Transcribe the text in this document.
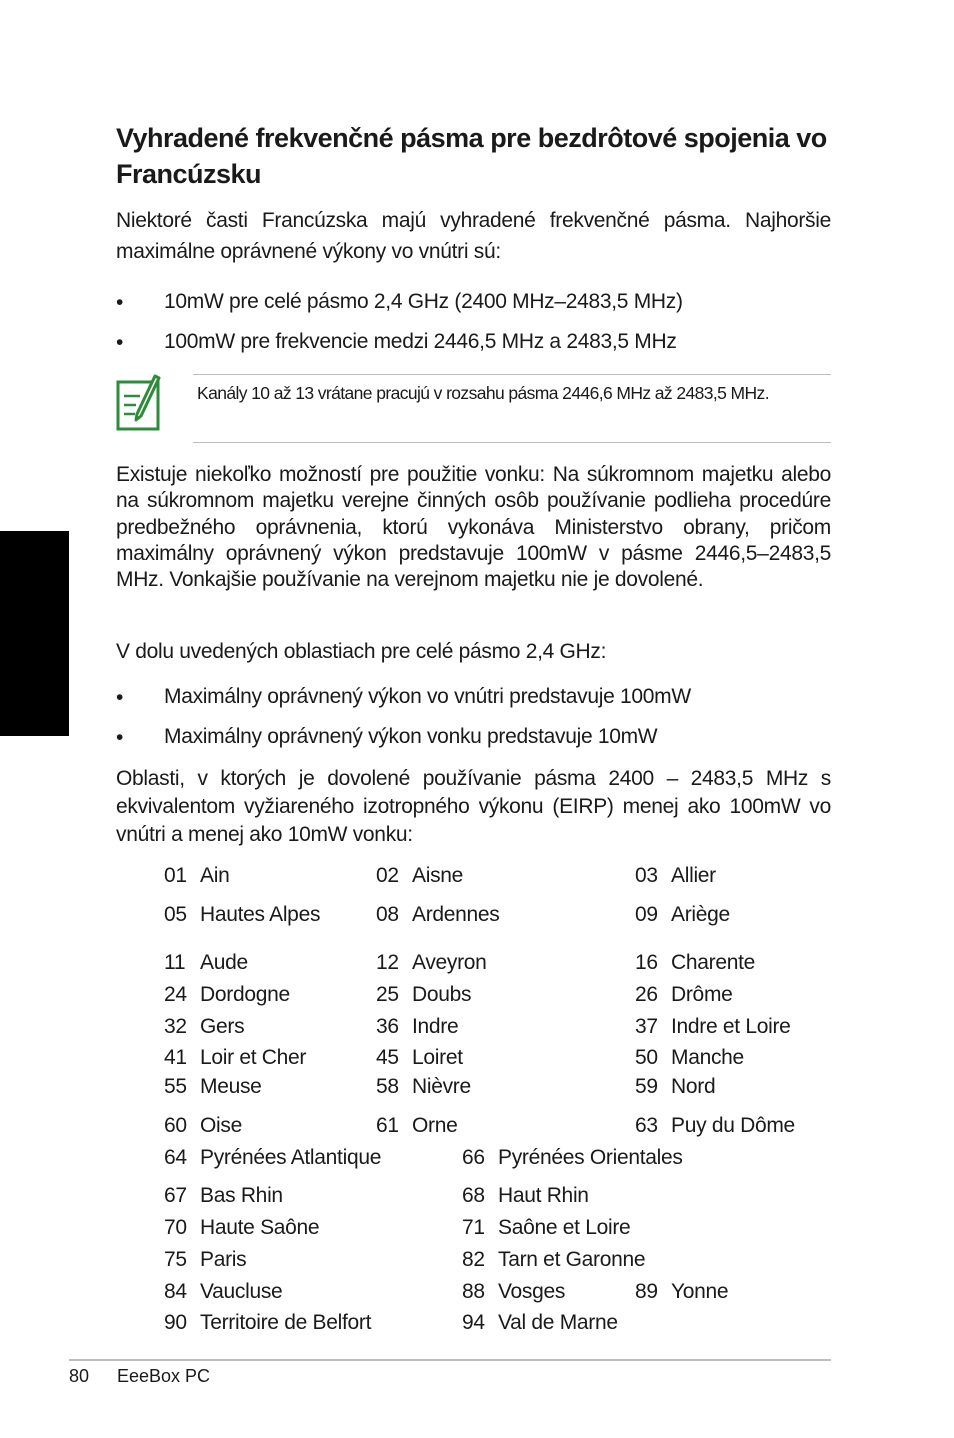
Vyhradené frekvenčné pásma pre bezdrôtové spojenia vo Francúzsku
Niektoré časti Francúzska majú vyhradené frekvenčné pásma. Najhoršie maximálne oprávnené výkony vo vnútri sú:
• 10mW pre celé pásmo 2,4 GHz (2400 MHz–2483,5 MHz)
• 100mW pre frekvencie medzi 2446,5 MHz a 2483,5 MHz
Kanály 10 až 13 vrátane pracujú v rozsahu pásma 2446,6 MHz až 2483,5 MHz.
Existuje niekoľko možností pre použitie vonku: Na súkromnom majetku alebo na súkromnom majetku verejne činných osôb používanie podlieha procedúre predbežného oprávnenia, ktorú vykonáva Ministerstvo obrany, pričom maximálny oprávnený výkon predstavuje 100mW v pásme 2446,5–2483,5 MHz. Vonkajšie používanie na verejnom majetku nie je dovolené.
V dolu uvedených oblastiach pre celé pásmo 2,4 GHz:
• Maximálny oprávnený výkon vo vnútri predstavuje 100mW
• Maximálny oprávnený výkon vonku predstavuje 10mW
Oblasti, v ktorých je dovolené používanie pásma 2400 – 2483,5 MHz s ekvivalentom vyžiareného izotropného výkonu (EIRP) menej ako 100mW vo vnútri a menej ako 10mW vonku:
01 Ain	02 Aisne	03 Allier
05 Hautes Alpes	08 Ardennes	09 Ariège
11 Aude	12 Aveyron	16 Charente
24 Dordogne	25 Doubs	26 Drôme
32 Gers	36 Indre	37 Indre et Loire
41 Loir et Cher	45 Loiret	50 Manche
55 Meuse	58 Nièvre	59 Nord
60 Oise	61 Orne	63 Puy du Dôme
64 Pyrénées Atlantique	66 Pyrénées Orientales
67 Bas Rhin	68 Haut Rhin
70 Haute Saône	71 Saône et Loire
75 Paris	82 Tarn et Garonne
84 Vaucluse	88 Vosges	89 Yonne
90 Territoire de Belfort	94 Val de Marne
Slovensky
80 EeeBox PC
